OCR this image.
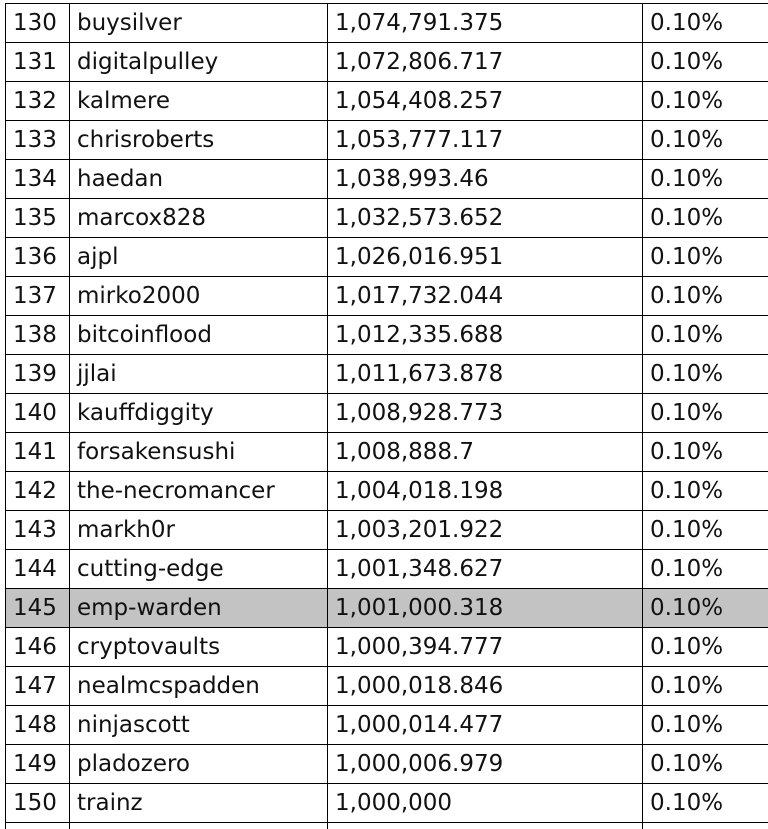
130	buysilver	1,074,791.375	0.10%
131	digitalpulley	1,072,806.717	0.10%
132	kalmere	1,054,408.257	0.10%
133	chrisroberts	1,053,777.117	0.10%
134	haedan	1,038,993.46	0.10%
135	marcox828	1,032,573.652	0.10%
136	ajpl	1,026,016.951	0.10%
137	mirko2000	1,017,732.044	0.10%
138	bitcoinflood	1,012,335.688	0.10%
139	jjlai	1,011,673.878	0.10%
140	kauffdiggity	1,008,928.773	0.10%
141	forsakensushi	1,008,888.7	0.10%
142	the-necromancer	1,004,018.198	0.10%
143	markh0r	1,003,201.922	0.10%
144	cutting-edge	1,001,348.627	0.10%
145	emp-warden	1,001,000.318	0.10%
146	cryptovaults	1,000,394.777	0.10%
147	nealmcspadden	1,000,018.846	0.10%
148	ninjascott	1,000,014.477	0.10%
149	pladozero	1,000,006.979	0.10%
150	trainz	1,000,000	0.10%
